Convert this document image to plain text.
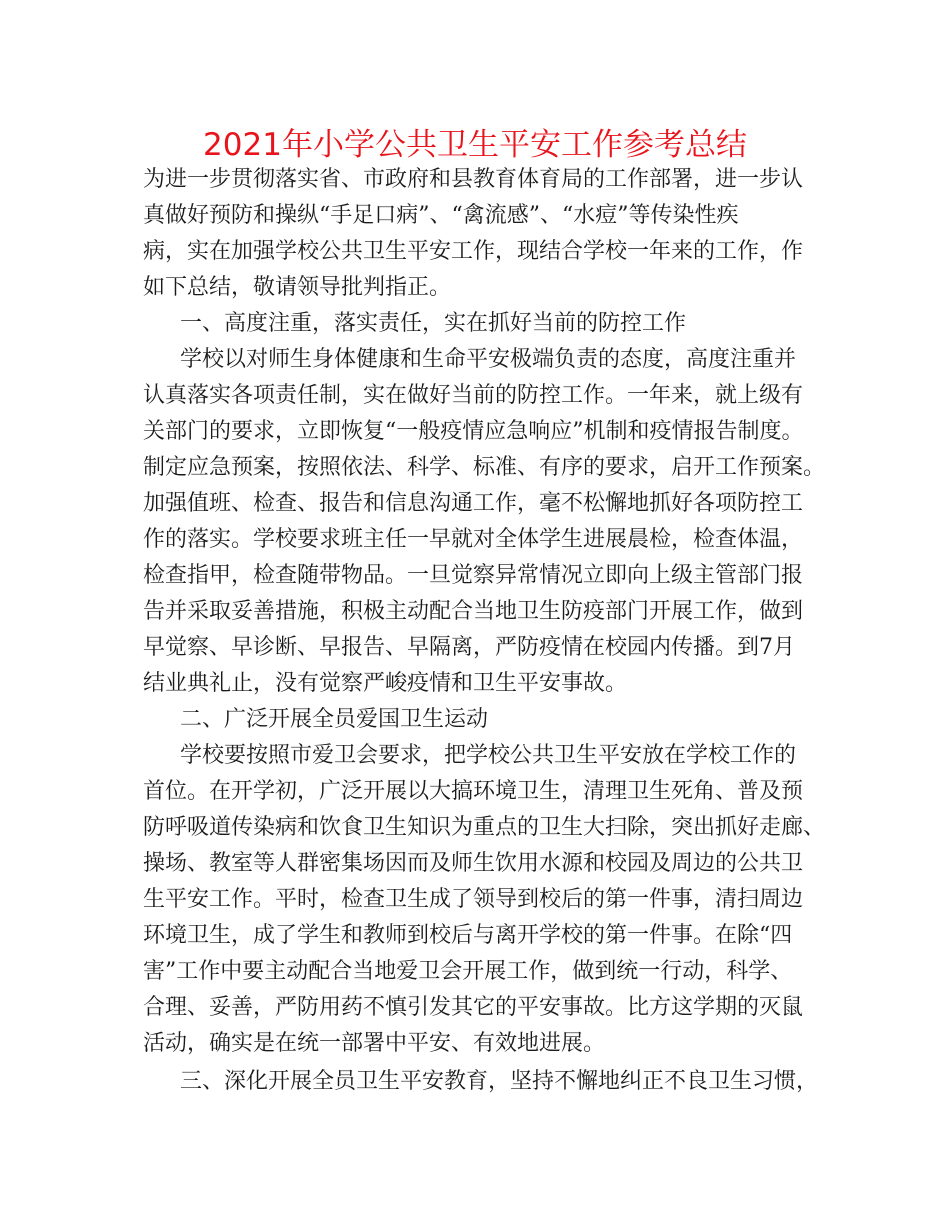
2021年小学公共卫生平安工作参考总结
为进一步贯彻落实省、市政府和县教育体育局的工作部署，进一步认
真做好预防和操纵“手足口病”、“禽流感”、“水痘”等传染性疾
病，实在加强学校公共卫生平安工作，现结合学校一年来的工作，作
如下总结，敬请领导批判指正。
一、高度注重，落实责任，实在抓好当前的防控工作
学校以对师生身体健康和生命平安极端负责的态度，高度注重并
认真落实各项责任制，实在做好当前的防控工作。一年来，就上级有
关部门的要求，立即恢复“一般疫情应急响应”机制和疫情报告制度。
制定应急预案，按照依法、科学、标准、有序的要求，启开工作预案。
加强值班、检查、报告和信息沟通工作，毫不松懈地抓好各项防控工
作的落实。学校要求班主任一早就对全体学生进展晨检，检查体温，
检查指甲，检查随带物品。一旦觉察异常情况立即向上级主管部门报
告并采取妥善措施，积极主动配合当地卫生防疫部门开展工作，做到
早觉察、早诊断、早报告、早隔离，严防疫情在校园内传播。到7月
结业典礼止，没有觉察严峻疫情和卫生平安事故。
二、广泛开展全员爱国卫生运动
学校要按照市爱卫会要求，把学校公共卫生平安放在学校工作的
首位。在开学初，广泛开展以大搞环境卫生，清理卫生死角、普及预
防呼吸道传染病和饮食卫生知识为重点的卫生大扫除，突出抓好走廊、
操场、教室等人群密集场因而及师生饮用水源和校园及周边的公共卫
生平安工作。平时，检查卫生成了领导到校后的第一件事，清扫周边
环境卫生，成了学生和教师到校后与离开学校的第一件事。在除“四
害”工作中要主动配合当地爱卫会开展工作，做到统一行动，科学、
合理、妥善，严防用药不慎引发其它的平安事故。比方这学期的灭鼠
活动，确实是在统一部署中平安、有效地进展。
三、深化开展全员卫生平安教育，坚持不懈地纠正不良卫生习惯，
